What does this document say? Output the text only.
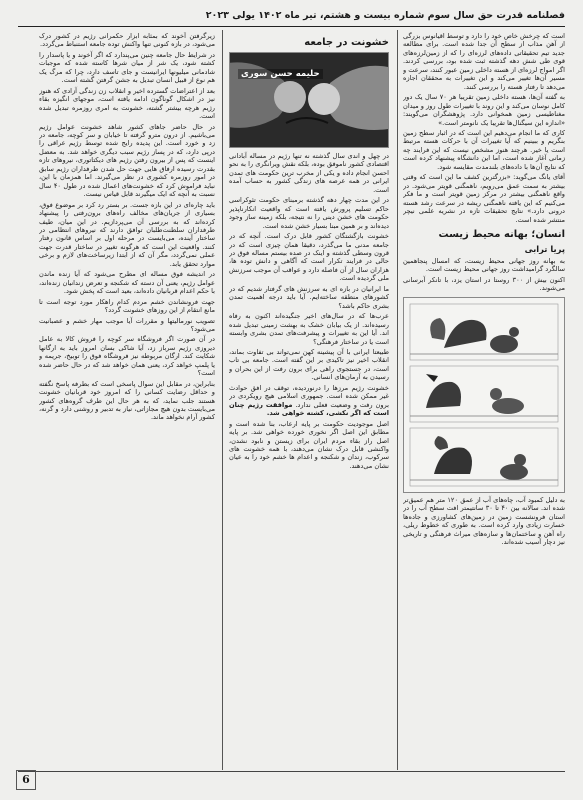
فصلنامه قدرت حق سال سوم شماره بیست و هشتم، تیر ماه ۱۴۰۲ یولی ۲۰۲۳

است که چرخش خاص خود را دارد و توسط اقیانوس بزرگی از آهن مذاب از سطح آن جدا شده است. برای مطالعه جدید تیم تحقیقاتی داده‌های لرزه‌ای را که از زمین‌لرزه‌های قوی طی شش دهه گذشته ثبت شده بود، بررسی کردند. اگر امواج لرزه‌ای از هسته داخلی زمین عبور کنند، سرعت و مسیر آن‌ها تغییر می‌کند و این تغییرات به محققان اجازه می‌دهد تا رفتار هسته را بررسی کنند.

به گفته آن‌ها، هسته داخلی زمین تقریبا هر ۷۰ سال یک دور کامل نوسان می‌کند و این روند با تغییرات طول روز و میدان مغناطیسی زمین همخوانی دارد. پژوهشگران می‌گویند: «اندازه این سیگنال‌ها تقریبا یک نانومتر است.»

کاری که ما انجام می‌دهیم این است که در اثبار سطح زمین بنگریم و ببینیم که آیا تغییرات آن با حرکات هسته مرتبط است یا خیر. هرچند هنوز مشخص نیست که این فرایند چه زمانی آغاز شده است، اما این دانشگاه پیشنهاد کرده است که نتایج آن‌ها با داده‌های بلندمدت مقایسه شود.

آقای یانگ می‌گوید: «بزرگترین کشف ما این است که وقتی بیشتر به سمت عمق می‌رویم، ناهمگنی قویتر می‌شود. در واقع ناهمگنی بیشتر در مرکز زمین قویتر است و ما فکر می‌کنیم که این یافته ناهمگنی ریشه در سرعت رشد هسته درونی دارد.» نتایج تحقیقات تازه در نشریه علمی نیچر منتشر شده است.

انسان؛ بهانه محیط زیست
پریا ترابی

به بهانه روز جهانی محیط زیست، که امسال پنجاهمین سالگرد گرامیداشت روز جهانی محیط زیست است.

اکنون بیش از ۳۰۰ روستا در استان یزد، با تانکر آبرسانی می‌شوند.

به دلیل کمبود آب، چاه‌های آب از عمق ۱۲۰ متر هم عمیق‌تر شده اند. سالانه بین ۴۰ تا ۳۰ سانتیمتر افت سطح آب را در استان فرونشست زمین در زمین‌های کشاورزی و جاده‌ها خسارت زیادی وارد کرده است. به طوری که خطوط ریلی، راه آهن و ساختمان‌ها و سازه‌های میراث فرهنگی و تاریخی نیز دچار آسیب شده‌اند.

خشونت در جامعه
حلیمه حسن سوری

در چهل و اندی سال گذشته نه تنها رژیم در مساله آبادانی اقتصادی کشور ناموفق بوده، بلکه نقش ویرانگری را به نحو احسن انجام داده و یکی از مخرب ترین حکومت های تمدن ایرانی در همه عرصه های زندگی کشور به حساب آمده است.

در این مدت چهار دهه گذشته برمبنای حکومت تئوکراسی حاکم تسلیم پرورش یافته است که واقعیت انکارناپذیر حکومت های خشن دینی را نه نتیجه، بلکه زمینه ساز وجود دیده‌اند و بر همین مبنا بسیار خشن شده است.

خشونت بازگشتگان کشور قابل درک است. آنچه که در جامعه مدنی ما می‌گذرد، دقیقا همان چیزی است که در قرون وسطی گذشته و اینک در صده بیستم مساله فوق در حالی در فرایند تکرار است که آگاهی و دانش توده ها، هزاران سال از آن فاصله دارد و عواقب آن موجب سرزنش ملی گردیده است.

ما ایرانیان در بازه ای به سرزنش های گرفتار شدیم که در کشورهای منطقه ساخته‌ایم. آیا باید درجه اهمیت تمدن بشری حاکم باشد؟

عرب‌ها که در سال‌های اخیر جنگیده‌اند اکنون به رفاه رسیده‌اند. از یک بیابان خشک به بهشت زمینی تبدیل شده اند. آیا این به تغییرات و پیشرفت‌های تمدن بشری وابسته است یا در ساختار فرهنگی؟

طبیعتا ایرانی با آن پیشینه کهن نمی‌تواند بی تفاوت بماند، انقلاب اخیر نیز تاکیدی بر این گفته است. جامعه بی تاب است، در جستجوی راهی برای برون رفت از این بحران و رسیدن به آرمان‌های انسانی.

خشونت رژیم مرزها را درنوردیده، توقف در افق حوادث غیر ممکن شده است. جمهوری اسلامی هیچ رویکردی در برون رفت و وضعیت فعلی ندارد. موافقت رژیم چنان است که اگر نکشی، کشته خواهی شد.

اصل موجودیت حکومت بر پایه ارعاب، بنا شده است و مطابق این اصل اگر نخوری خورده خواهی شد. بر پایه اصل راز بقاء مردم ایران برای زیستن و نابود نشدن، واکنشی قابل درک نشان می‌دهند، با همه خشونت های سرکوب، زندان و شکنجه و اعدام ها خشم خود را به عیان نشان می‌دهند.

زیرگرفتن آخوند که بمثابه ابزار حکمرانی رژیم در کشور درک می‌شود، در بازه کنونی تنها واکنش توده جامعه استنباط می‌گردد.

در شرایط حال جامعه چنین می‌پندارد که اگر آخوند و یا پاسدار را کشته شود، یک شر از میان شرها کاسته شده که موجبات شادمانی میلیونها ایرانیست و جای تاسف دارد، چرا که مرگ یک هم نوع از قبیل انسان تبدیل به جشن گرفتن گشته است.

بعد از اعتراضات گسترده اخیر و انقلاب زن زندگی آزادی که هنوز نیز در اشکال گوناگون ادامه یافته است، موجهای انگیزه بقاء رژیم هرچه بیشتر گشته، خشونت به امری روزمره تبدیل شده است.

در حال حاضر جاهای کشور شاهد خشونت عوامل رژیم می‌باشیم. از درون مترو گرفته تا خیابان و سر کوچه، جامعه در زد و خورد است. این پدیده رایج شده توسط رژیم عراقی را درپی دارد، که در پساز رژیم سبب دیگری خواهد شد. به معضل اینست که پس از بیرون رفتن رژیم های دیکتاتوری، نیروهای تازه بقدرت رسیده ارفاق هایی جهت حل شدن طرفداران رژیم سابق در امور روزمره کشوری در نظر می‌گیرند. اما همزمان با این، نباید فراموش کرد که خشونت‌های اعمال شده در طول ۴۰ سال نسبت به آنچه که ایک میگیرند قابل قیاس نیست.

باید چاره‌ای در این بازه جست. بر بستر رد کرد بر موضوع فوق، بسیاری از جریان‌های مخالف راه‌های برون‌رفتی را پیشنهاد کرده‌اند که به بررسی آن می‌پردازیم. در این میان، طیف طرفداران سلطنت‌طلبان توافق دارند که نیروهای انتظامی در ساختار آینده، می‌بایست در مرحله اول بر اساس قانون رفتار کنند. واقعیت این است که هرگونه تغییر در ساختار قدرت جهت عملی نمی‌گردد، مگر آن که از ابتدا زیرساخت‌های لازم و برخی موارد تحقق یابد.

در اندیشه فوق مساله ای مطرح می‌شود که آیا زنده ماندن عوامل رژیم، یعنی آن دسته که شکنجه و تعرض زندانیان زنده‌اند، با حکم اعدام قربانیان داده‌اند، بعید است که پخش شود.

جهت فرونشاندن خشم مردم کدام راهکار مورد توجه است تا مانع انتقام از این روزهای خشونت گردد؟

تصویب نورمالیتها و مقررات آیا موجب مهار خشم و عصبانیت می‌شود؟

در آن صورت اگر فروشگاه سر کوچه را فروش کالا به عامل دیروزی رژیم سرباز زد، آیا شاکی بسان امروز باید به ارگانها شکایت کند. ارگان مربوطه نیز فروشگاه فوق را توبیخ، جریمه و یا پلمپ خواهد کرد، یعنی همان خواهد شد که در حال حاضر شده است؟

بنابراین، در مقابل این سوال پاسخی است که بطرفه پاسخ نگفته و حداقل رضایت کسانی را که امروز خود قربانیان خشونت هستند جلب نماید، که به هر حال این طرف گروه‌های کشور می‌بایست بدون هیچ مجازاتی، نیاز به تدبیر و روشنی دارد و گرنه، کشور آرام نخواهد ماند.

6
